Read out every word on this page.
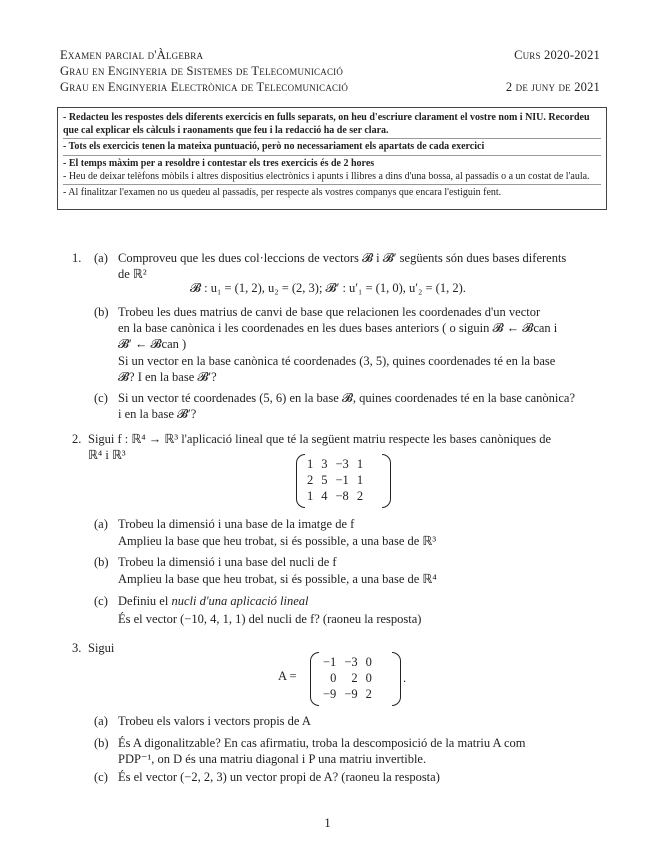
Examen parcial d'Àlgebra	Curs 2020-2021
Grau en Enginyeria de Sistemes de Telecomunicació
Grau en Enginyeria Electrònica de Telecomunicació	2 de juny de 2021

- Redacteu les respostes dels diferents exercicis en fulls separats, on heu d'escriure clarament el vostre nom i NIU. Recordeu que cal explicar els càlculs i raonaments que feu i la redacció ha de ser clara.

- Tots els exercicis tenen la mateixa puntuació, però no necessariament els apartats de cada exercici

- El temps màxim per a resoldre i contestar els tres exercicis és de 2 hores

- Heu de deixar telèfons mòbils i altres dispositius electrònics i apunts i llibres a dins d'una bossa, al passadís o a un costat de l'aula.

- Al finalitzar l'examen no us quedeu al passadís, per respecte als vostres companys que encara l'estiguin fent.

1. (a) Comproveu que les dues col·leccions de vectors 𝓑 i 𝓑′ següents són dues bases diferents
de ℝ²
𝓑 : u₁ = (1, 2), u₂ = (2, 3); 𝓑′ : u′₁ = (1, 0), u′₂ = (1, 2).
(b) Trobeu les dues matrius de canvi de base que relacionen les coordenades d'un vector
en la base canònica i les coordenades en les dues bases anteriors ( o siguin 𝓑 ← 𝓑can i
𝓑′ ← 𝓑can )
Si un vector en la base canònica té coordenades (3, 5), quines coordenades té en la base
𝓑? I en la base 𝓑′?
(c) Si un vector té coordenades (5, 6) en la base 𝓑, quines coordenades té en la base canònica?
i en la base 𝓑′?
2. Sigui f : ℝ⁴ → ℝ³ l'aplicació lineal que té la següent matriu respecte les bases canòniques de
ℝ⁴ i ℝ³
1	3	−3	1
2	5	−1	1
1	4	−8	2
(a) Trobeu la dimensió i una base de la imatge de f
Amplieu la base que heu trobat, si és possible, a una base de ℝ³
(b) Trobeu la dimensió i una base del nucli de f
Amplieu la base que heu trobat, si és possible, a una base de ℝ⁴
(c) Definiu el nucli d'una aplicació lineal
És el vector (−10, 4, 1, 1) del nucli de f? (raoneu la resposta)
3. Sigui
A =
−1	−3	0
0	2	0
−9	−9	2
.
(a) Trobeu els valors i vectors propis de A
(b) És A digonalitzable? En cas afirmatiu, troba la descomposició de la matriu A com
PDP⁻¹, on D és una matriu diagonal i P una matriu invertible.
(c) És el vector (−2, 2, 3) un vector propi de A? (raoneu la resposta)
1
